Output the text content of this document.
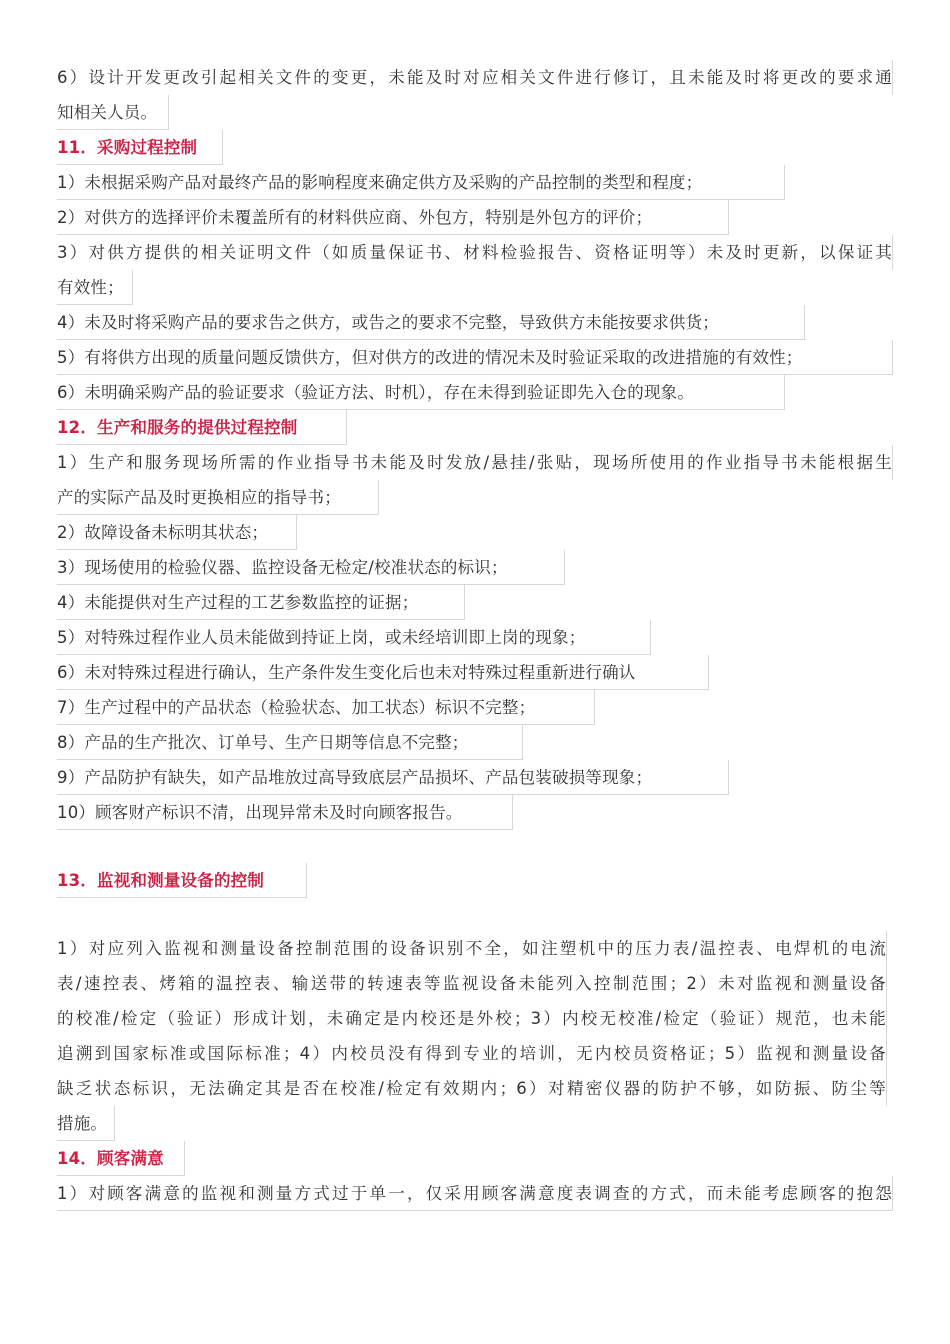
6）设计开发更改引起相关文件的变更，未能及时对应相关文件进行修订，且未能及时将更改的要求通
知相关人员。
11．采购过程控制
1）未根据采购产品对最终产品的影响程度来确定供方及采购的产品控制的类型和程度；
2）对供方的选择评价未覆盖所有的材料供应商、外包方，特别是外包方的评价；
3）对供方提供的相关证明文件（如质量保证书、材料检验报告、资格证明等）未及时更新，以保证其
有效性；
4）未及时将采购产品的要求告之供方，或告之的要求不完整，导致供方未能按要求供货；
5）有将供方出现的质量问题反馈供方，但对供方的改进的情况未及时验证采取的改进措施的有效性；
6）未明确采购产品的验证要求（验证方法、时机），存在未得到验证即先入仓的现象。
12．生产和服务的提供过程控制
1）生产和服务现场所需的作业指导书未能及时发放/悬挂/张贴，现场所使用的作业指导书未能根据生
产的实际产品及时更换相应的指导书；
2）故障设备未标明其状态；
3）现场使用的检验仪器、监控设备无检定/校准状态的标识；
4）未能提供对生产过程的工艺参数监控的证据；
5）对特殊过程作业人员未能做到持证上岗，或未经培训即上岗的现象；
6）未对特殊过程进行确认，生产条件发生变化后也未对特殊过程重新进行确认
7）生产过程中的产品状态（检验状态、加工状态）标识不完整；
8）产品的生产批次、订单号、生产日期等信息不完整；
9）产品防护有缺失，如产品堆放过高导致底层产品损坏、产品包装破损等现象；
10）顾客财产标识不清，出现异常未及时向顾客报告。
13．监视和测量设备的控制
1）对应列入监视和测量设备控制范围的设备识别不全，如注塑机中的压力表/温控表、电焊机的电流
表/速控表、烤箱的温控表、输送带的转速表等监视设备未能列入控制范围；2）未对监视和测量设备
的校准/检定（验证）形成计划，未确定是内校还是外校；3）内校无校准/检定（验证）规范，也未能
追溯到国家标准或国际标准；4）内校员没有得到专业的培训，无内校员资格证；5）监视和测量设备
缺乏状态标识，无法确定其是否在校准/检定有效期内；6）对精密仪器的防护不够，如防振、防尘等
措施。
14．顾客满意
1）对顾客满意的监视和测量方式过于单一，仅采用顾客满意度表调查的方式，而未能考虑顾客的抱怨
